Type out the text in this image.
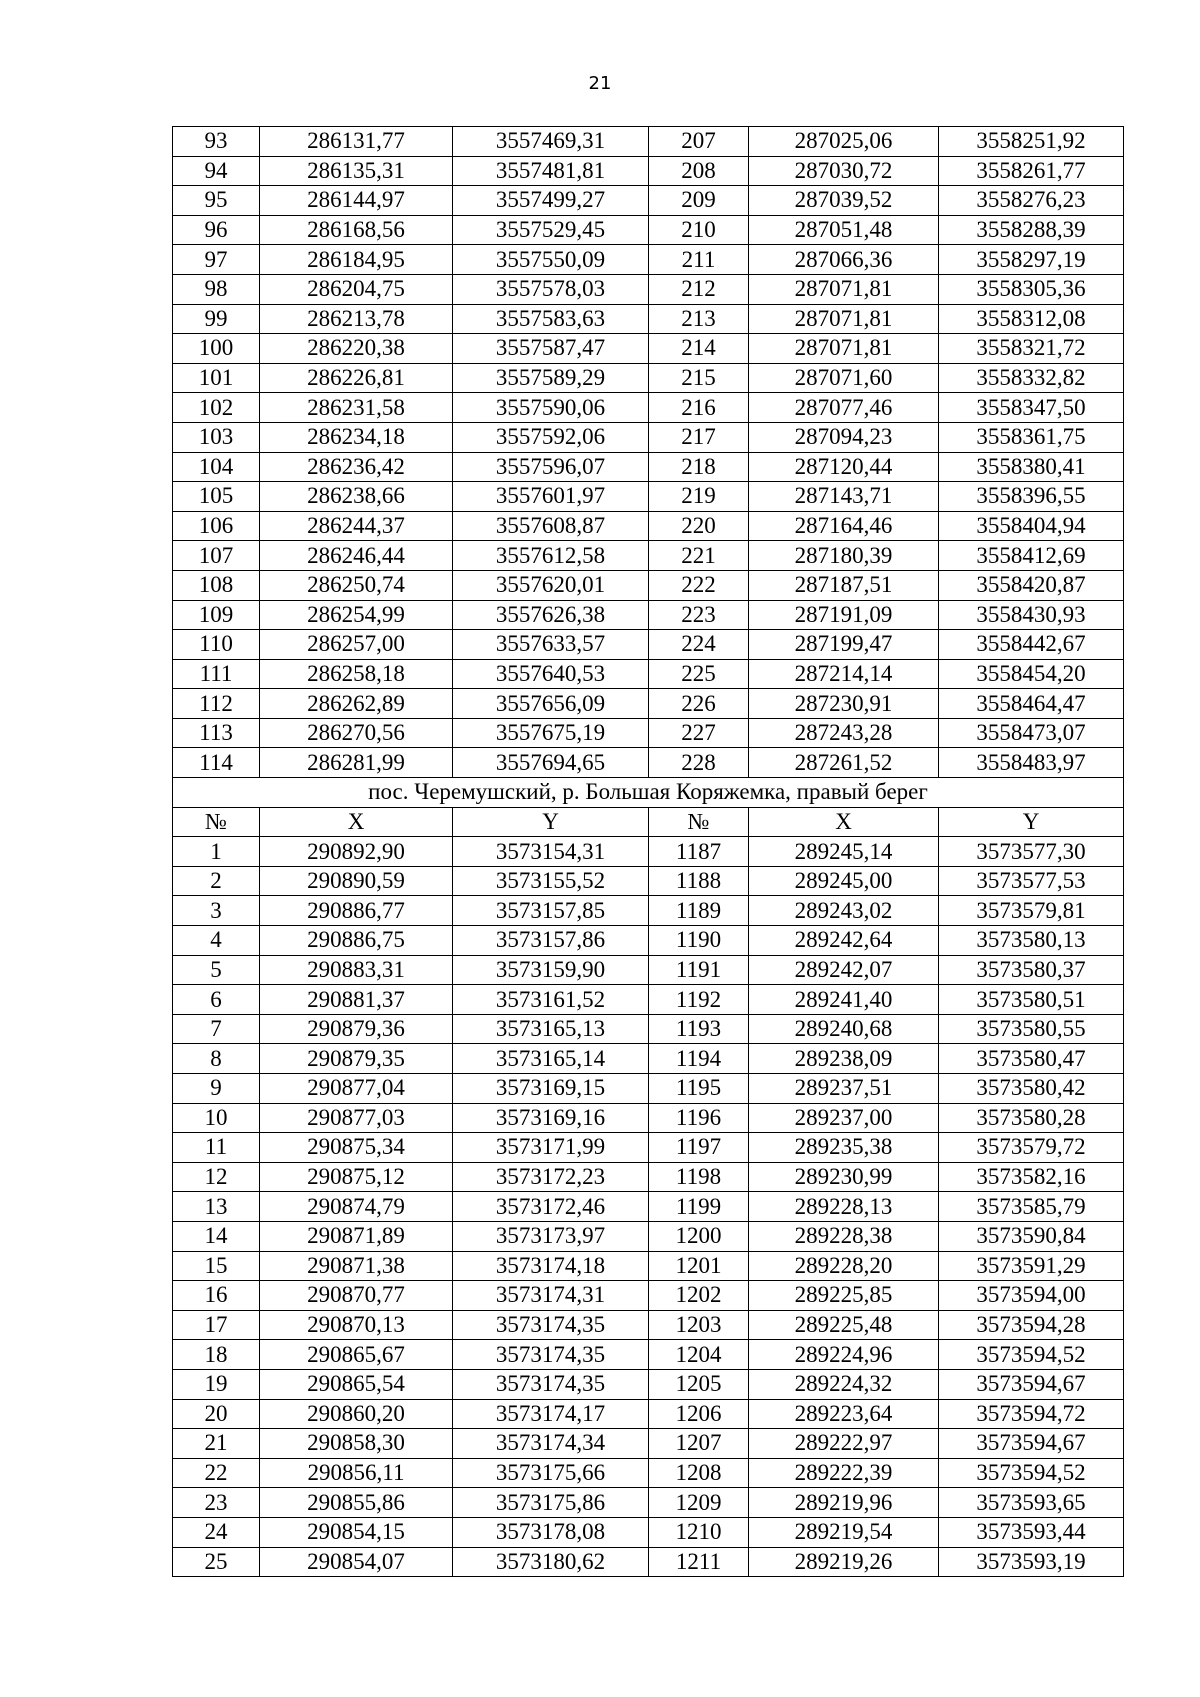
21
93	286131,77	3557469,31	207	287025,06	3558251,92
94	286135,31	3557481,81	208	287030,72	3558261,77
95	286144,97	3557499,27	209	287039,52	3558276,23
96	286168,56	3557529,45	210	287051,48	3558288,39
97	286184,95	3557550,09	211	287066,36	3558297,19
98	286204,75	3557578,03	212	287071,81	3558305,36
99	286213,78	3557583,63	213	287071,81	3558312,08
100	286220,38	3557587,47	214	287071,81	3558321,72
101	286226,81	3557589,29	215	287071,60	3558332,82
102	286231,58	3557590,06	216	287077,46	3558347,50
103	286234,18	3557592,06	217	287094,23	3558361,75
104	286236,42	3557596,07	218	287120,44	3558380,41
105	286238,66	3557601,97	219	287143,71	3558396,55
106	286244,37	3557608,87	220	287164,46	3558404,94
107	286246,44	3557612,58	221	287180,39	3558412,69
108	286250,74	3557620,01	222	287187,51	3558420,87
109	286254,99	3557626,38	223	287191,09	3558430,93
110	286257,00	3557633,57	224	287199,47	3558442,67
111	286258,18	3557640,53	225	287214,14	3558454,20
112	286262,89	3557656,09	226	287230,91	3558464,47
113	286270,56	3557675,19	227	287243,28	3558473,07
114	286281,99	3557694,65	228	287261,52	3558483,97
пос. Черемушский, р. Большая Коряжемка, правый берег					
№	X	Y	№	X	Y
1	290892,90	3573154,31	1187	289245,14	3573577,30
2	290890,59	3573155,52	1188	289245,00	3573577,53
3	290886,77	3573157,85	1189	289243,02	3573579,81
4	290886,75	3573157,86	1190	289242,64	3573580,13
5	290883,31	3573159,90	1191	289242,07	3573580,37
6	290881,37	3573161,52	1192	289241,40	3573580,51
7	290879,36	3573165,13	1193	289240,68	3573580,55
8	290879,35	3573165,14	1194	289238,09	3573580,47
9	290877,04	3573169,15	1195	289237,51	3573580,42
10	290877,03	3573169,16	1196	289237,00	3573580,28
11	290875,34	3573171,99	1197	289235,38	3573579,72
12	290875,12	3573172,23	1198	289230,99	3573582,16
13	290874,79	3573172,46	1199	289228,13	3573585,79
14	290871,89	3573173,97	1200	289228,38	3573590,84
15	290871,38	3573174,18	1201	289228,20	3573591,29
16	290870,77	3573174,31	1202	289225,85	3573594,00
17	290870,13	3573174,35	1203	289225,48	3573594,28
18	290865,67	3573174,35	1204	289224,96	3573594,52
19	290865,54	3573174,35	1205	289224,32	3573594,67
20	290860,20	3573174,17	1206	289223,64	3573594,72
21	290858,30	3573174,34	1207	289222,97	3573594,67
22	290856,11	3573175,66	1208	289222,39	3573594,52
23	290855,86	3573175,86	1209	289219,96	3573593,65
24	290854,15	3573178,08	1210	289219,54	3573593,44
25	290854,07	3573180,62	1211	289219,26	3573593,19
